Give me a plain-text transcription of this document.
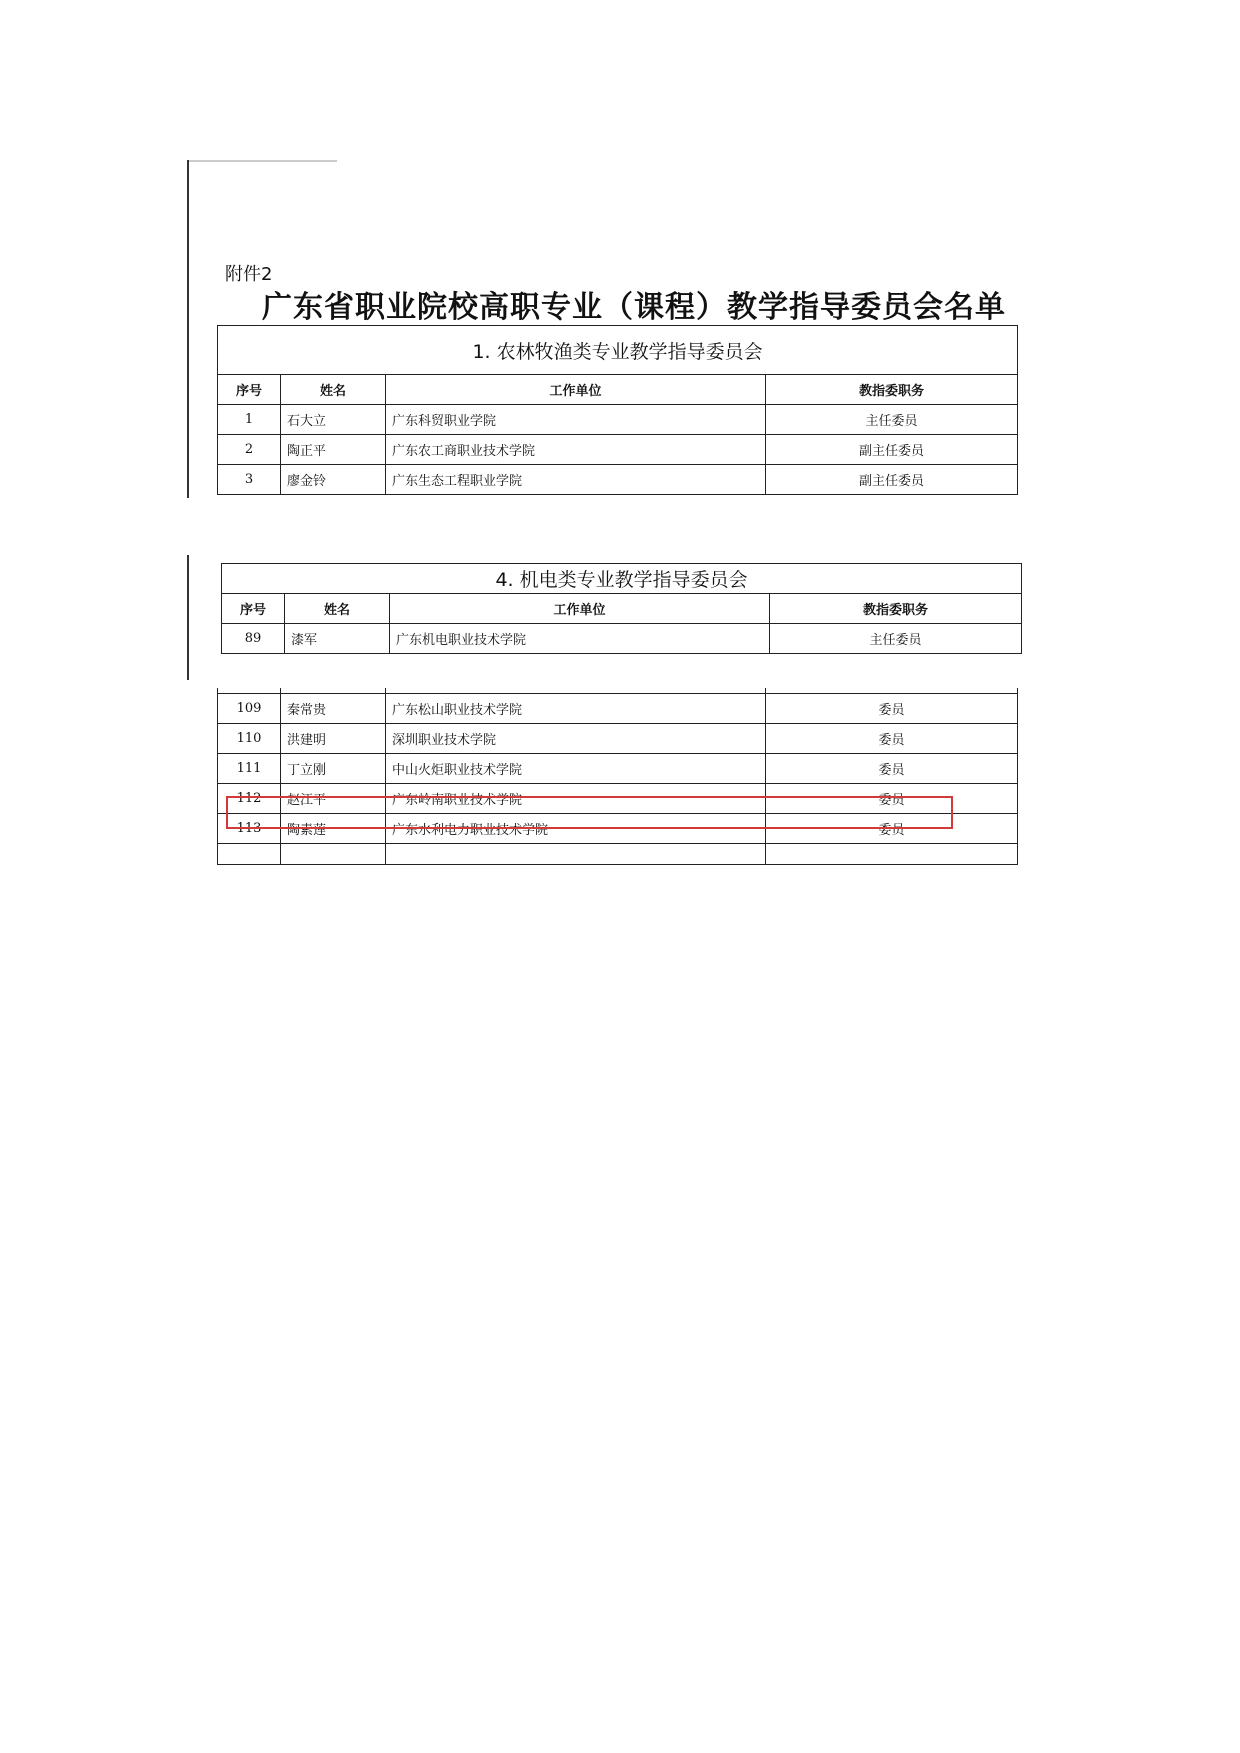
附件2
广东省职业院校高职专业（课程）教学指导委员会名单
1. 农林牧渔类专业教学指导委员会			
序号	姓名	工作单位	教指委职务
1	石大立	广东科贸职业学院	主任委员
2	陶正平	广东农工商职业技术学院	副主任委员
3	廖金铃	广东生态工程职业学院	副主任委员
4. 机电类专业教学指导委员会			
序号	姓名	工作单位	教指委职务
89	漆军	广东机电职业技术学院	主任委员

109	秦常贵	广东松山职业技术学院	委员
110	洪建明	深圳职业技术学院	委员
111	丁立刚	中山火炬职业技术学院	委员
112	赵江平	广东岭南职业技术学院	委员
113	陶素莲	广东水利电力职业技术学院	委员
